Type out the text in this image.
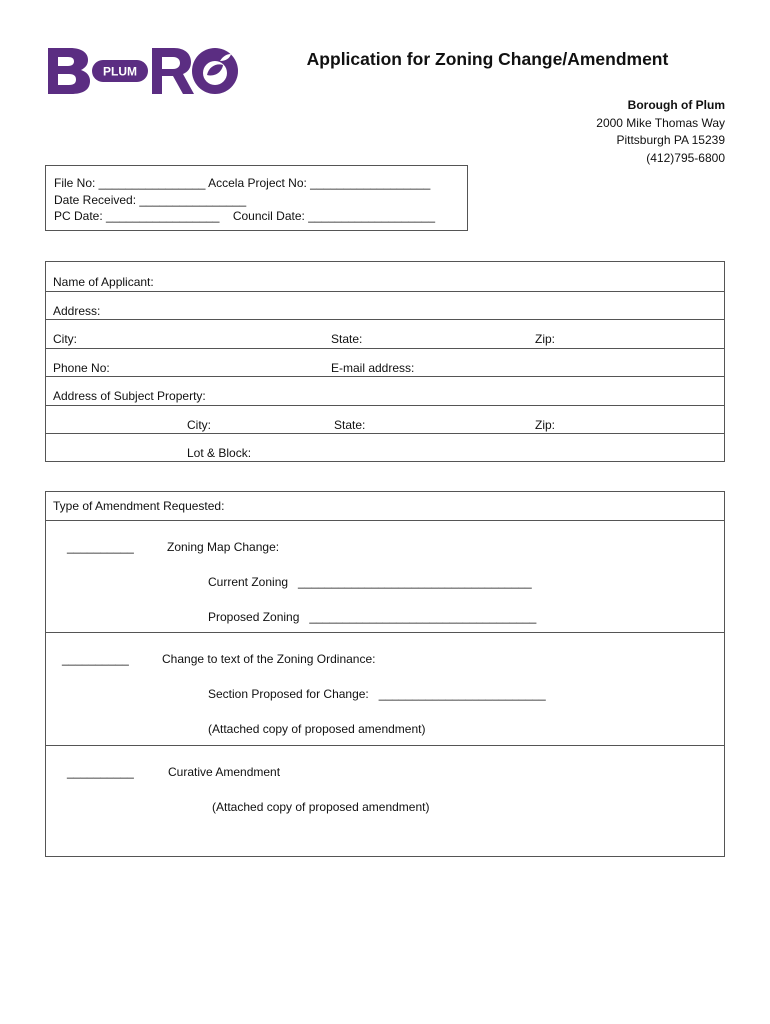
PLUM
Application for Zoning Change/Amendment
Borough of Plum
2000 Mike Thomas Way
Pittsburgh PA 15239
(412)795-6800
File No: ________________ Accela Project No: __________________
Date Received: ________________
PC Date: _________________ Council Date: ___________________
Name of Applicant:
Address:
City:	State:	Zip:
Phone No:	E-mail address:
Address of Subject Property:
City:	State:	Zip:
Lot & Block:
Type of Amendment Requested:
__________	Zoning Map Change:
Current Zoning   ___________________________________
Proposed Zoning   __________________________________
__________	Change to text of the Zoning Ordinance:
Section Proposed for Change:   _________________________
(Attached copy of proposed amendment)
__________	Curative Amendment
(Attached copy of proposed amendment)
